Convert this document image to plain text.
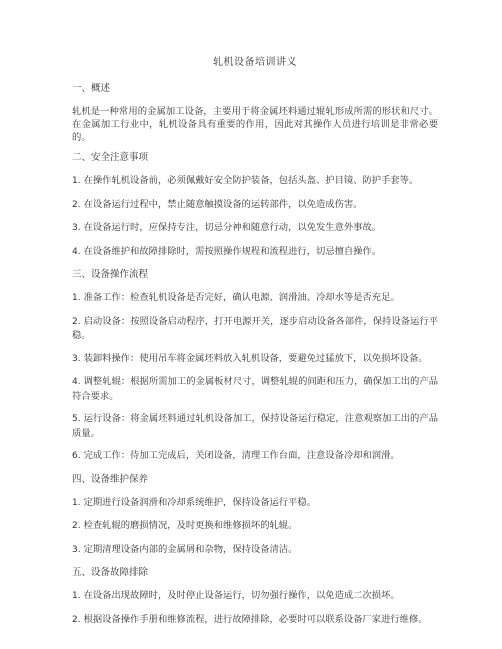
轧机设备培训讲义
一、概述
轧机是一种常用的金属加工设备，主要用于将金属坯料通过辊轧形成所需的形状和尺寸。在金属加工行业中，轧机设备具有重要的作用，因此对其操作人员进行培训是非常必要的。
二、安全注意事项
1. 在操作轧机设备前，必须佩戴好安全防护装备，包括头盔、护目镜、防护手套等。
2. 在设备运行过程中，禁止随意触摸设备的运转部件，以免造成伤害。
3. 在设备运行时，应保持专注，切忌分神和随意行动，以免发生意外事故。
4. 在设备维护和故障排除时，需按照操作规程和流程进行，切忌擅自操作。
三、设备操作流程
1. 准备工作：检查轧机设备是否完好，确认电源、润滑油、冷却水等是否充足。
2. 启动设备：按照设备启动程序，打开电源开关，逐步启动设备各部件，保持设备运行平稳。
3. 装卸料操作：使用吊车将金属坯料放入轧机设备，要避免过猛放下，以免损坏设备。
4. 调整轧辊：根据所需加工的金属板材尺寸，调整轧辊的间距和压力，确保加工出的产品符合要求。
5. 运行设备：将金属坯料通过轧机设备加工，保持设备运行稳定，注意观察加工出的产品质量。
6. 完成工作：待加工完成后，关闭设备，清理工作台面，注意设备冷却和润滑。
四、设备维护保养
1. 定期进行设备润滑和冷却系统维护，保持设备运行平稳。
2. 检查轧辊的磨损情况，及时更换和维修损坏的轧辊。
3. 定期清理设备内部的金属屑和杂物，保持设备清洁。
五、设备故障排除
1. 在设备出现故障时，及时停止设备运行，切勿强行操作，以免造成二次损坏。
2. 根据设备操作手册和维修流程，进行故障排除，必要时可以联系设备厂家进行维修。
